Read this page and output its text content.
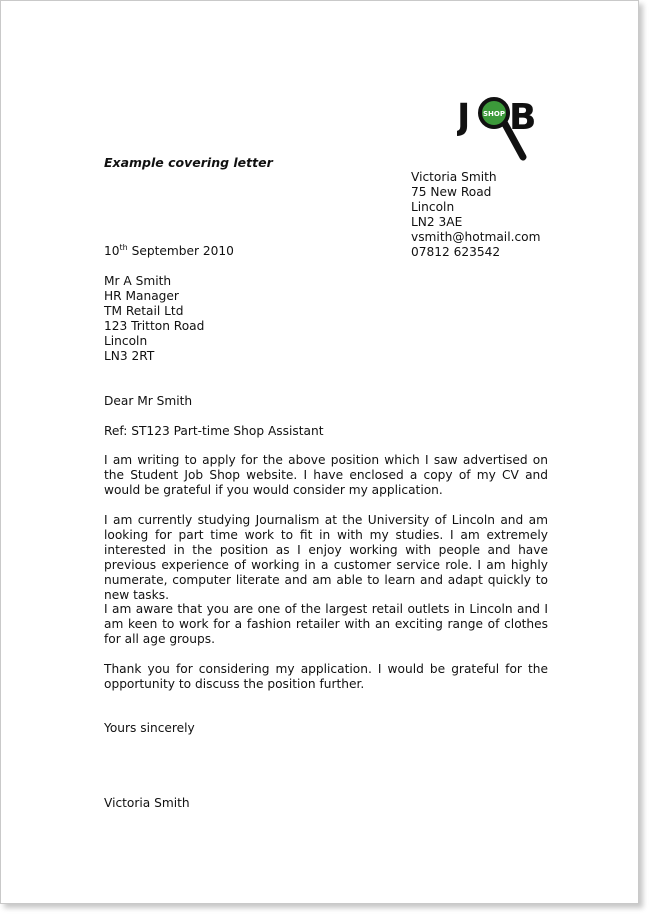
J B
SHOP
Example covering letter
Victoria Smith
75 New Road
Lincoln
LN2 3AE
vsmith@hotmail.com
07812 623542
10th September 2010
Mr A Smith
HR Manager
TM Retail Ltd
123 Tritton Road
Lincoln
LN3 2RT
Dear Mr Smith
Ref: ST123 Part-time Shop Assistant

I am writing to apply for the above position which I saw advertised on the Student Job Shop website. I have enclosed a copy of my CV and would be grateful if you would consider my application.

I am currently studying Journalism at the University of Lincoln and am looking for part time work to fit in with my studies. I am extremely interested in the position as I enjoy working with people and have previous experience of working in a customer service role. I am highly numerate, computer literate and am able to learn and adapt quickly to new tasks.

I am aware that you are one of the largest retail outlets in Lincoln and I am keen to work for a fashion retailer with an exciting range of clothes for all age groups.

Thank you for considering my application. I would be grateful for the opportunity to discuss the position further.

Yours sincerely
Victoria Smith
